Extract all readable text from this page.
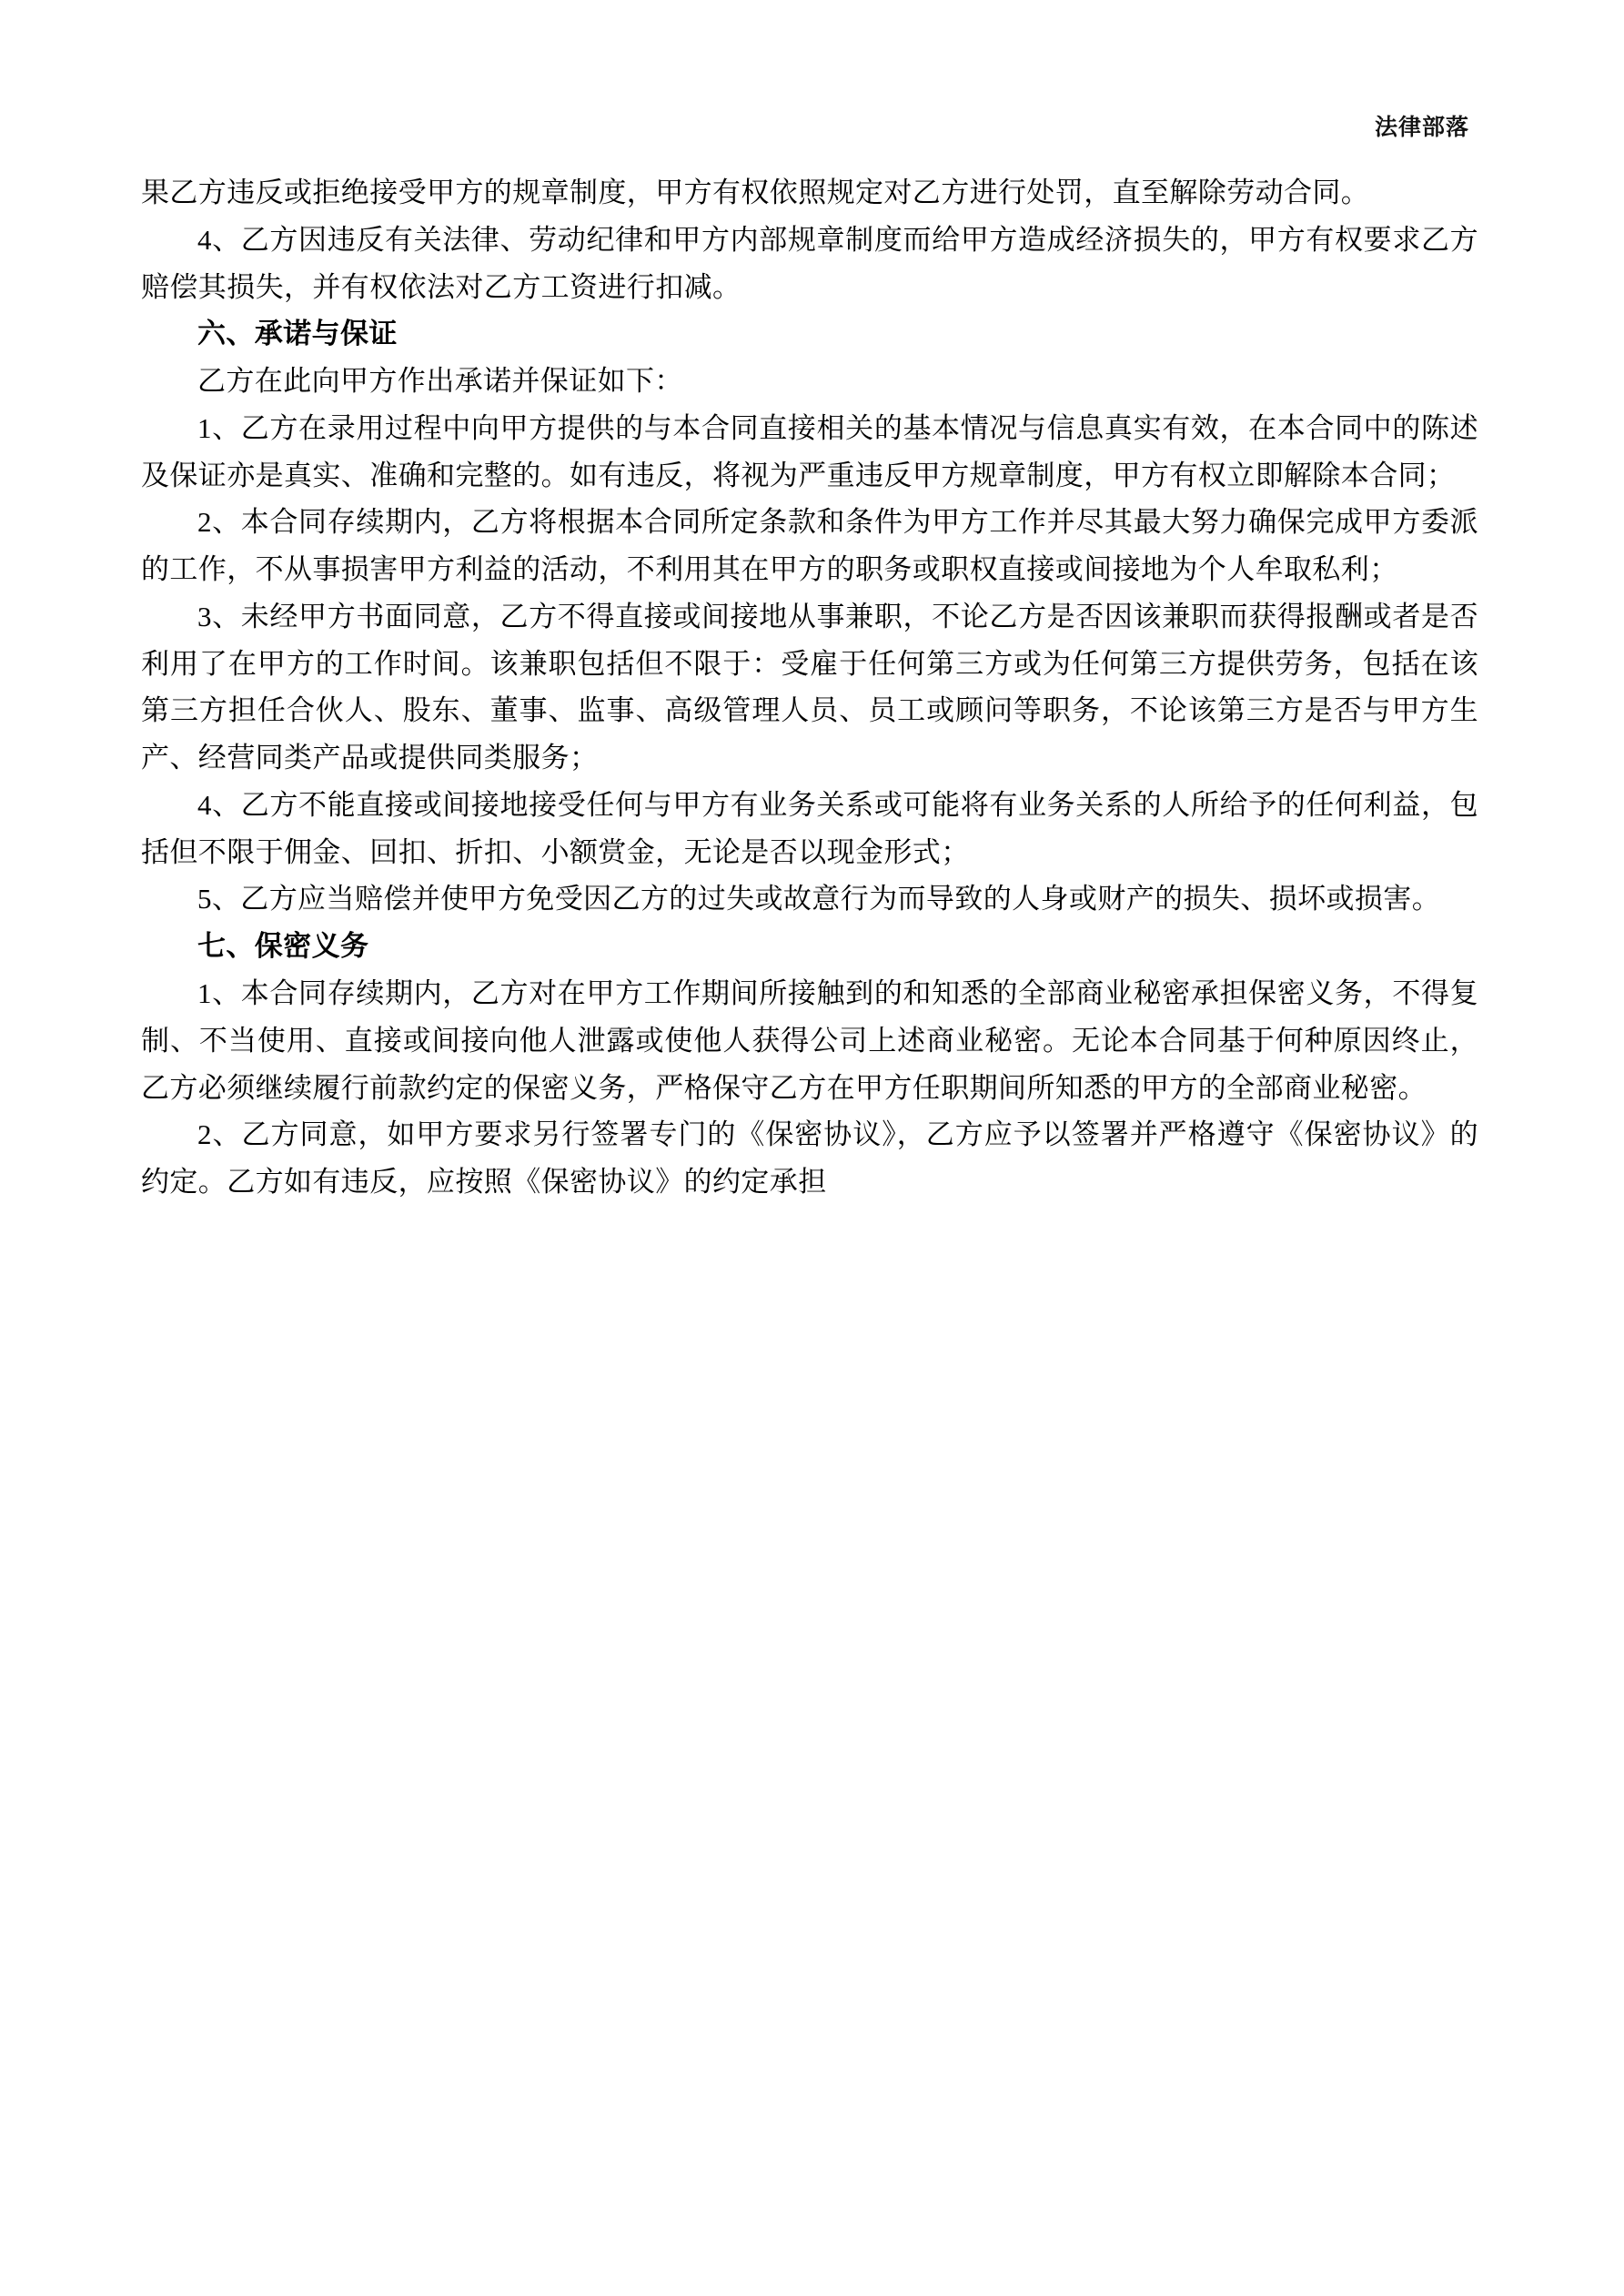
法律部落

果乙方违反或拒绝接受甲方的规章制度，甲方有权依照规定对乙方进行处罚，直至解除劳动合同。

4、乙方因违反有关法律、劳动纪律和甲方内部规章制度而给甲方造成经济损失的，甲方有权要求乙方赔偿其损失，并有权依法对乙方工资进行扣减。

六、承诺与保证

乙方在此向甲方作出承诺并保证如下：

1、乙方在录用过程中向甲方提供的与本合同直接相关的基本情况与信息真实有效，在本合同中的陈述及保证亦是真实、准确和完整的。如有违反，将视为严重违反甲方规章制度，甲方有权立即解除本合同；

2、本合同存续期内，乙方将根据本合同所定条款和条件为甲方工作并尽其最大努力确保完成甲方委派的工作，不从事损害甲方利益的活动，不利用其在甲方的职务或职权直接或间接地为个人牟取私利；

3、未经甲方书面同意，乙方不得直接或间接地从事兼职，不论乙方是否因该兼职而获得报酬或者是否利用了在甲方的工作时间。该兼职包括但不限于：受雇于任何第三方或为任何第三方提供劳务，包括在该第三方担任合伙人、股东、董事、监事、高级管理人员、员工或顾问等职务，不论该第三方是否与甲方生产、经营同类产品或提供同类服务；

4、乙方不能直接或间接地接受任何与甲方有业务关系或可能将有业务关系的人所给予的任何利益，包括但不限于佣金、回扣、折扣、小额赏金，无论是否以现金形式；

5、乙方应当赔偿并使甲方免受因乙方的过失或故意行为而导致的人身或财产的损失、损坏或损害。

七、保密义务

1、本合同存续期内，乙方对在甲方工作期间所接触到的和知悉的全部商业秘密承担保密义务，不得复制、不当使用、直接或间接向他人泄露或使他人获得公司上述商业秘密。无论本合同基于何种原因终止，乙方必须继续履行前款约定的保密义务，严格保守乙方在甲方任职期间所知悉的甲方的全部商业秘密。

2、乙方同意，如甲方要求另行签署专门的《保密协议》，乙方应予以签署并严格遵守《保密协议》的约定。乙方如有违反，应按照《保密协议》的约定承担
